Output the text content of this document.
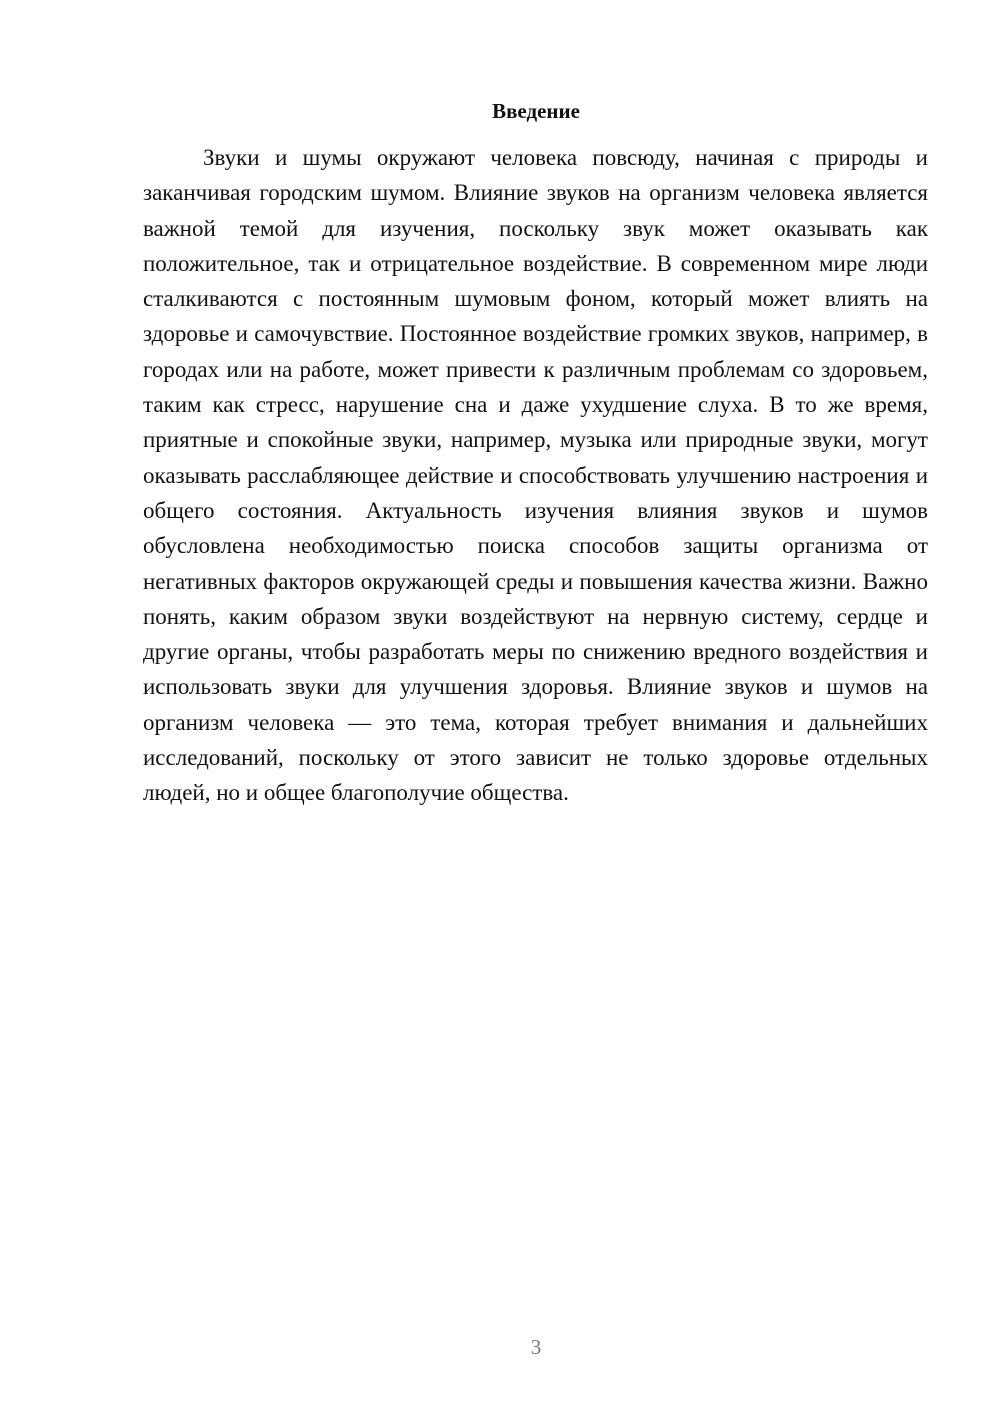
Введение

Звуки и шумы окружают человека повсюду, начиная с природы и заканчивая городским шумом. Влияние звуков на организм человека является важной темой для изучения, поскольку звук может оказывать как положительное, так и отрицательное воздействие. В современном мире люди сталкиваются с постоянным шумовым фоном, который может влиять на здоровье и самочувствие. Постоянное воздействие громких звуков, например, в городах или на работе, может привести к различным проблемам со здоровьем, таким как стресс, нарушение сна и даже ухудшение слуха. В то же время, приятные и спокойные звуки, например, музыка или природные звуки, могут оказывать расслабляющее действие и способствовать улучшению настроения и общего состояния. Актуальность изучения влияния звуков и шумов обусловлена необходимостью поиска способов защиты организма от негативных факторов окружающей среды и повышения качества жизни. Важно понять, каким образом звуки воздействуют на нервную систему, сердце и другие органы, чтобы разработать меры по снижению вредного воздействия и использовать звуки для улучшения здоровья. Влияние звуков и шумов на организм человека — это тема, которая требует внимания и дальнейших исследований, поскольку от этого зависит не только здоровье отдельных людей, но и общее благополучие общества.

3
